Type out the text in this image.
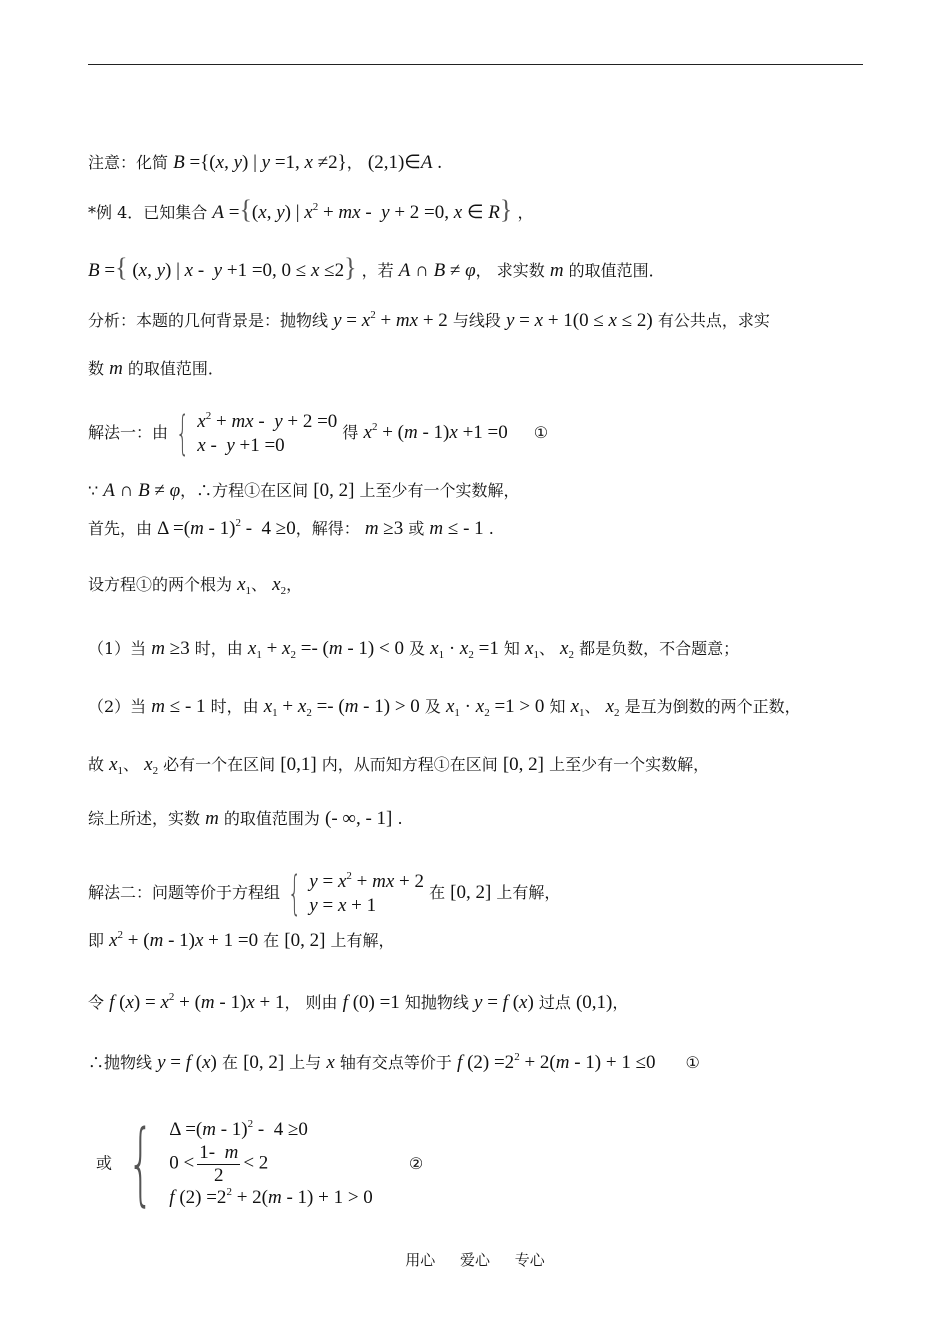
注意：化简 B ={(x, y) | y =1, x ≠2}， (2,1)∈A .
*例 4．已知集合 A ={(x, y) | $x^2$ + mx -  y + 2 =0, x ∈ R} ，
B ={ (x, y) | x -  y +1 =0, 0 ≤ x ≤2} ，若 A ∩ B ≠ φ， 求实数 m 的取值范围．
分析：本题的几何背景是：抛物线 $y = x^2$ + mx + 2 与线段 y = x + 1(0 ≤ x ≤ 2) 有公共点，求实
数 m 的取值范围．
解法一：由 { $x^2$ + mx -  y + 2 =0
x -  y +1 =0
得 $x^2 + (m - 1)x +1 =0$ ①
∵ A ∩ B ≠ φ，∴方程①在区间 [0, 2] 上至少有一个实数解，
首先，由 Δ =(m - 1)$^2$ -  4 ≥0，解得： m ≥3 或 m ≤ - 1 .
设方程①的两个根为 $x_1$、 $x_2$，
（1）当 m ≥3 时，由 $x_1 + x_2 =- (m - 1) < 0$ 及 $x_1 \cdot x_2 =1$ 知 $x_1$、 $x_2$ 都是负数，不合题意；
（2）当 m ≤ - 1 时，由 $x_1 + x_2 =- (m - 1) > 0$ 及 $x_1 \cdot x_2 =1 > 0$ 知 $x_1$、 $x_2$ 是互为倒数的两个正数，
故 $x_1$、 $x_2$ 必有一个在区间 [0,1] 内，从而知方程①在区间 [0, 2] 上至少有一个实数解，
综上所述，实数 m 的取值范围为 (- ∞, - 1] .
解法二：问题等价于方程组 { $y = x^2$ + mx + 2
y = x + 1
在 [0, 2] 上有解，
即 $x^2 + (m - 1)x + 1 =0$ 在 [0, 2] 上有解，
令 f $(x) = x^2 + (m - 1)x + 1$， 则由 f (0) =1 知抛物线 y = f (x) 过点 (0,1)，
∴抛物线 y = f (x) 在 [0, 2] 上与 x 轴有交点等价于 f $(2) =2^2 + 2(m - 1) + 1 \le 0$ ①
或 { Δ =(m - 1)$^2$ -  4 ≥0
$0 < \frac{1- m}{2} < 2$
f $(2) =2^2 + 2(m - 1) + 1 > 0$
②
用心 爱心 专心
